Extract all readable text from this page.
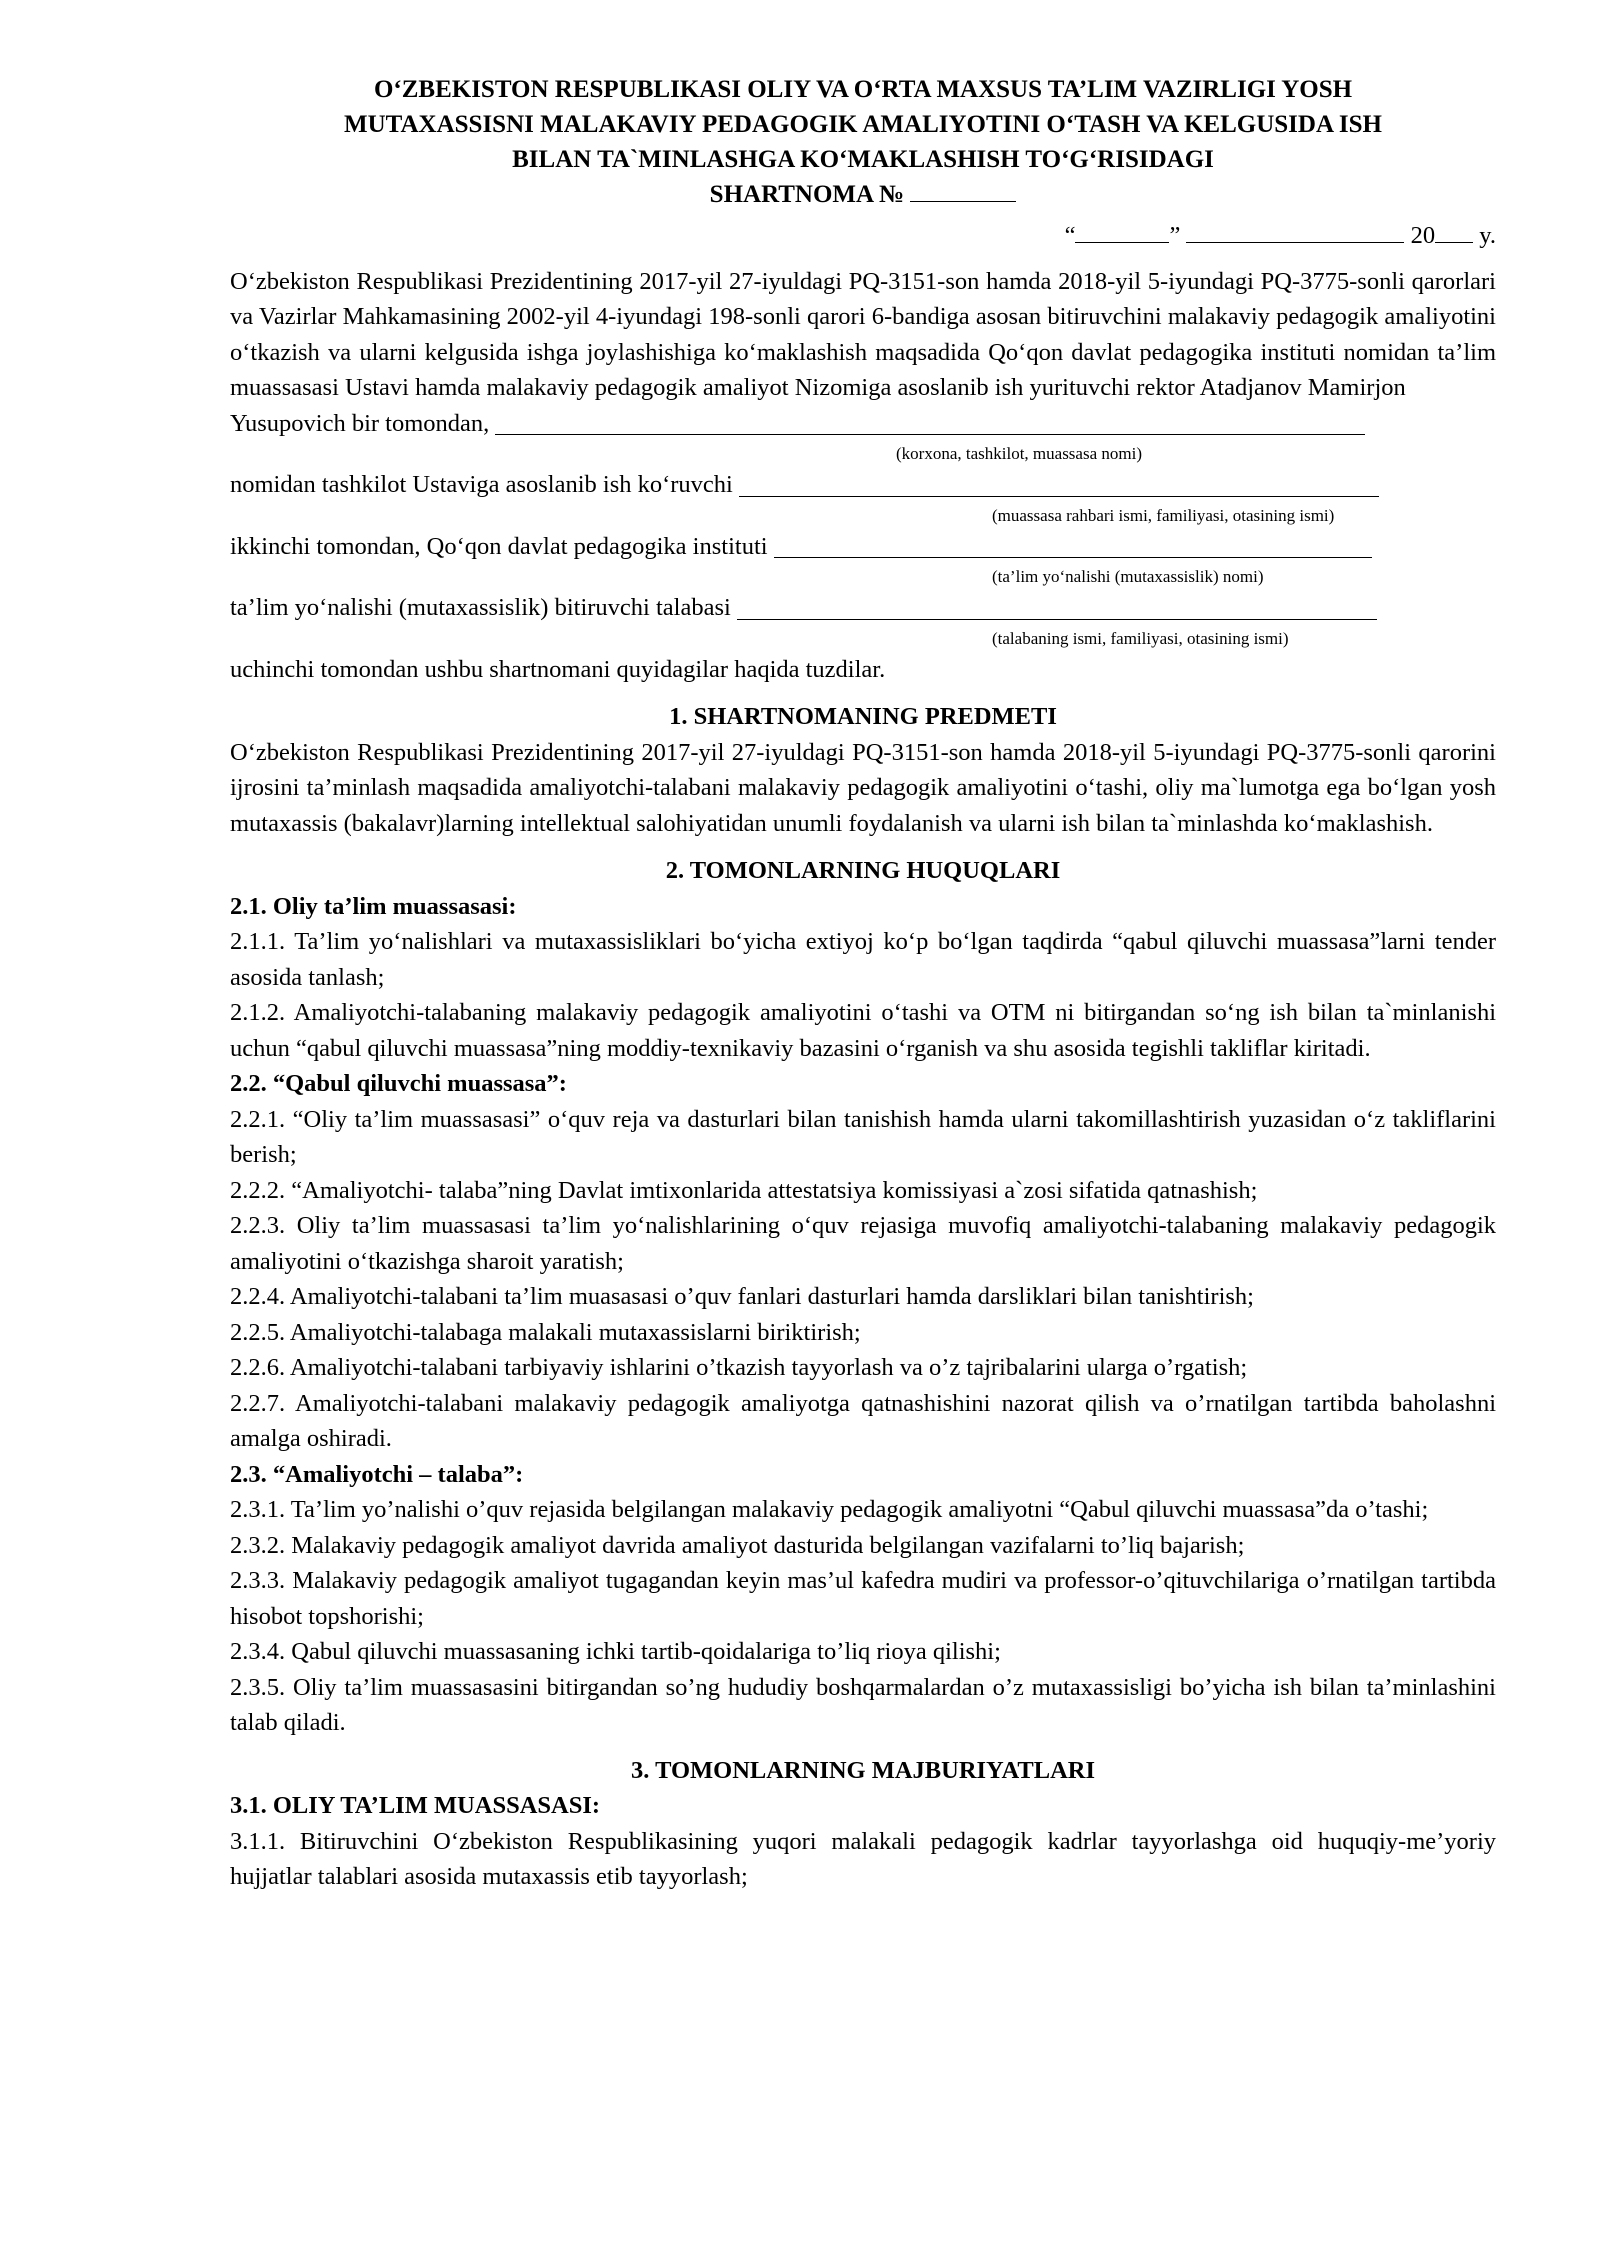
O‘ZBEKISTON RESPUBLIKASI OLIY VA O‘RTA MAXSUS TA’LIM VAZIRLIGI YOSH
MUTAXASSISNI MALAKAVIY PEDAGOGIK AMALIYOTINI O‘TASH VA KELGUSIDA ISH
BILAN TA`MINLASHGA KO‘MAKLASHISH TO‘G‘RISIDAGI
SHARTNOMA №
“	”	20 y.

O‘zbekiston Respublikasi Prezidentining 2017-yil 27-iyuldagi PQ-3151-son hamda 2018-yil 5-iyundagi PQ-3775-sonli qarorlari va Vazirlar Mahkamasining 2002-yil 4-iyundagi 198-sonli qarori 6-bandiga asosan bitiruvchini malakaviy pedagogik amaliyotini o‘tkazish va ularni kelgusida ishga joylashishiga ko‘maklashish maqsadida Qo‘qon davlat pedagogika instituti nomidan ta’lim muassasasi Ustavi hamda malakaviy pedagogik amaliyot Nizomiga asoslanib ish yurituvchi rektor Atadjanov Mamirjon

Yusupovich bir tomondan,
(korxona, tashkilot, muassasa nomi)
nomidan tashkilot Ustaviga asoslanib ish ko‘ruvchi
(muassasa rahbari ismi, familiyasi, otasining ismi)
ikkinchi tomondan, Qo‘qon davlat pedagogika instituti
(ta’lim yo‘nalishi (mutaxassislik) nomi)
ta’lim yo‘nalishi (mutaxassislik) bitiruvchi talabasi
(talabaning ismi, familiyasi, otasining ismi)

uchinchi tomondan ushbu shartnomani quyidagilar haqida tuzdilar.

1. SHARTNOMANING PREDMETI

O‘zbekiston Respublikasi Prezidentining 2017-yil 27-iyuldagi PQ-3151-son hamda 2018-yil 5-iyundagi PQ-3775-sonli qarorini ijrosini ta’minlash maqsadida amaliyotchi-talabani malakaviy pedagogik amaliyotini o‘tashi, oliy ma`lumotga ega bo‘lgan yosh mutaxassis (bakalavr)larning intellektual salohiyatidan unumli foydalanish va ularni ish bilan ta`minlashda ko‘maklashish.

2. TOMONLARNING HUQUQLARI

2.1. Oliy ta’lim muassasasi:

2.1.1. Ta’lim yo‘nalishlari va mutaxassisliklari bo‘yicha extiyoj ko‘p bo‘lgan taqdirda “qabul qiluvchi muassasa”larni tender asosida tanlash;

2.1.2. Amaliyotchi-talabaning malakaviy pedagogik amaliyotini o‘tashi va OTM ni bitirgandan so‘ng ish bilan ta`minlanishi uchun “qabul qiluvchi muassasa”ning moddiy-texnikaviy bazasini o‘rganish va shu asosida tegishli takliflar kiritadi.

2.2. “Qabul qiluvchi muassasa”:

2.2.1. “Oliy ta’lim muassasasi” o‘quv reja va dasturlari bilan tanishish hamda ularni takomillashtirish yuzasidan o‘z takliflarini berish;

2.2.2. “Amaliyotchi- talaba”ning Davlat imtixonlarida attestatsiya komissiyasi a`zosi sifatida qatnashish;

2.2.3. Oliy ta’lim muassasasi ta’lim yo‘nalishlarining o‘quv rejasiga muvofiq amaliyotchi-talabaning malakaviy pedagogik amaliyotini o‘tkazishga sharoit yaratish;

2.2.4. Amaliyotchi-talabani ta’lim muasasasi o’quv fanlari dasturlari hamda darsliklari bilan tanishtirish;

2.2.5. Amaliyotchi-talabaga malakali mutaxassislarni biriktirish;

2.2.6. Amaliyotchi-talabani tarbiyaviy ishlarini o’tkazish tayyorlash va o’z tajribalarini ularga o’rgatish;

2.2.7. Amaliyotchi-talabani malakaviy pedagogik amaliyotga qatnashishini nazorat qilish va o’rnatilgan tartibda baholashni amalga oshiradi.

2.3. “Amaliyotchi – talaba”:

2.3.1. Ta’lim yo’nalishi o’quv rejasida belgilangan malakaviy pedagogik amaliyotni “Qabul qiluvchi muassasa”da o’tashi;

2.3.2. Malakaviy pedagogik amaliyot davrida amaliyot dasturida belgilangan vazifalarni to’liq bajarish;

2.3.3. Malakaviy pedagogik amaliyot tugagandan keyin mas’ul kafedra mudiri va professor-o’qituvchilariga o’rnatilgan tartibda hisobot topshorishi;

2.3.4. Qabul qiluvchi muassasaning ichki tartib-qoidalariga to’liq rioya qilishi;

2.3.5. Oliy ta’lim muassasasini bitirgandan so’ng hududiy boshqarmalardan o’z mutaxassisligi bo’yicha ish bilan ta’minlashini talab qiladi.

3. TOMONLARNING MAJBURIYATLARI

3.1. OLIY TA’LIM MUASSASASI:

3.1.1. Bitiruvchini O‘zbekiston Respublikasining yuqori malakali pedagogik kadrlar tayyorlashga oid huquqiy-me’yoriy hujjatlar talablari asosida mutaxassis etib tayyorlash;
